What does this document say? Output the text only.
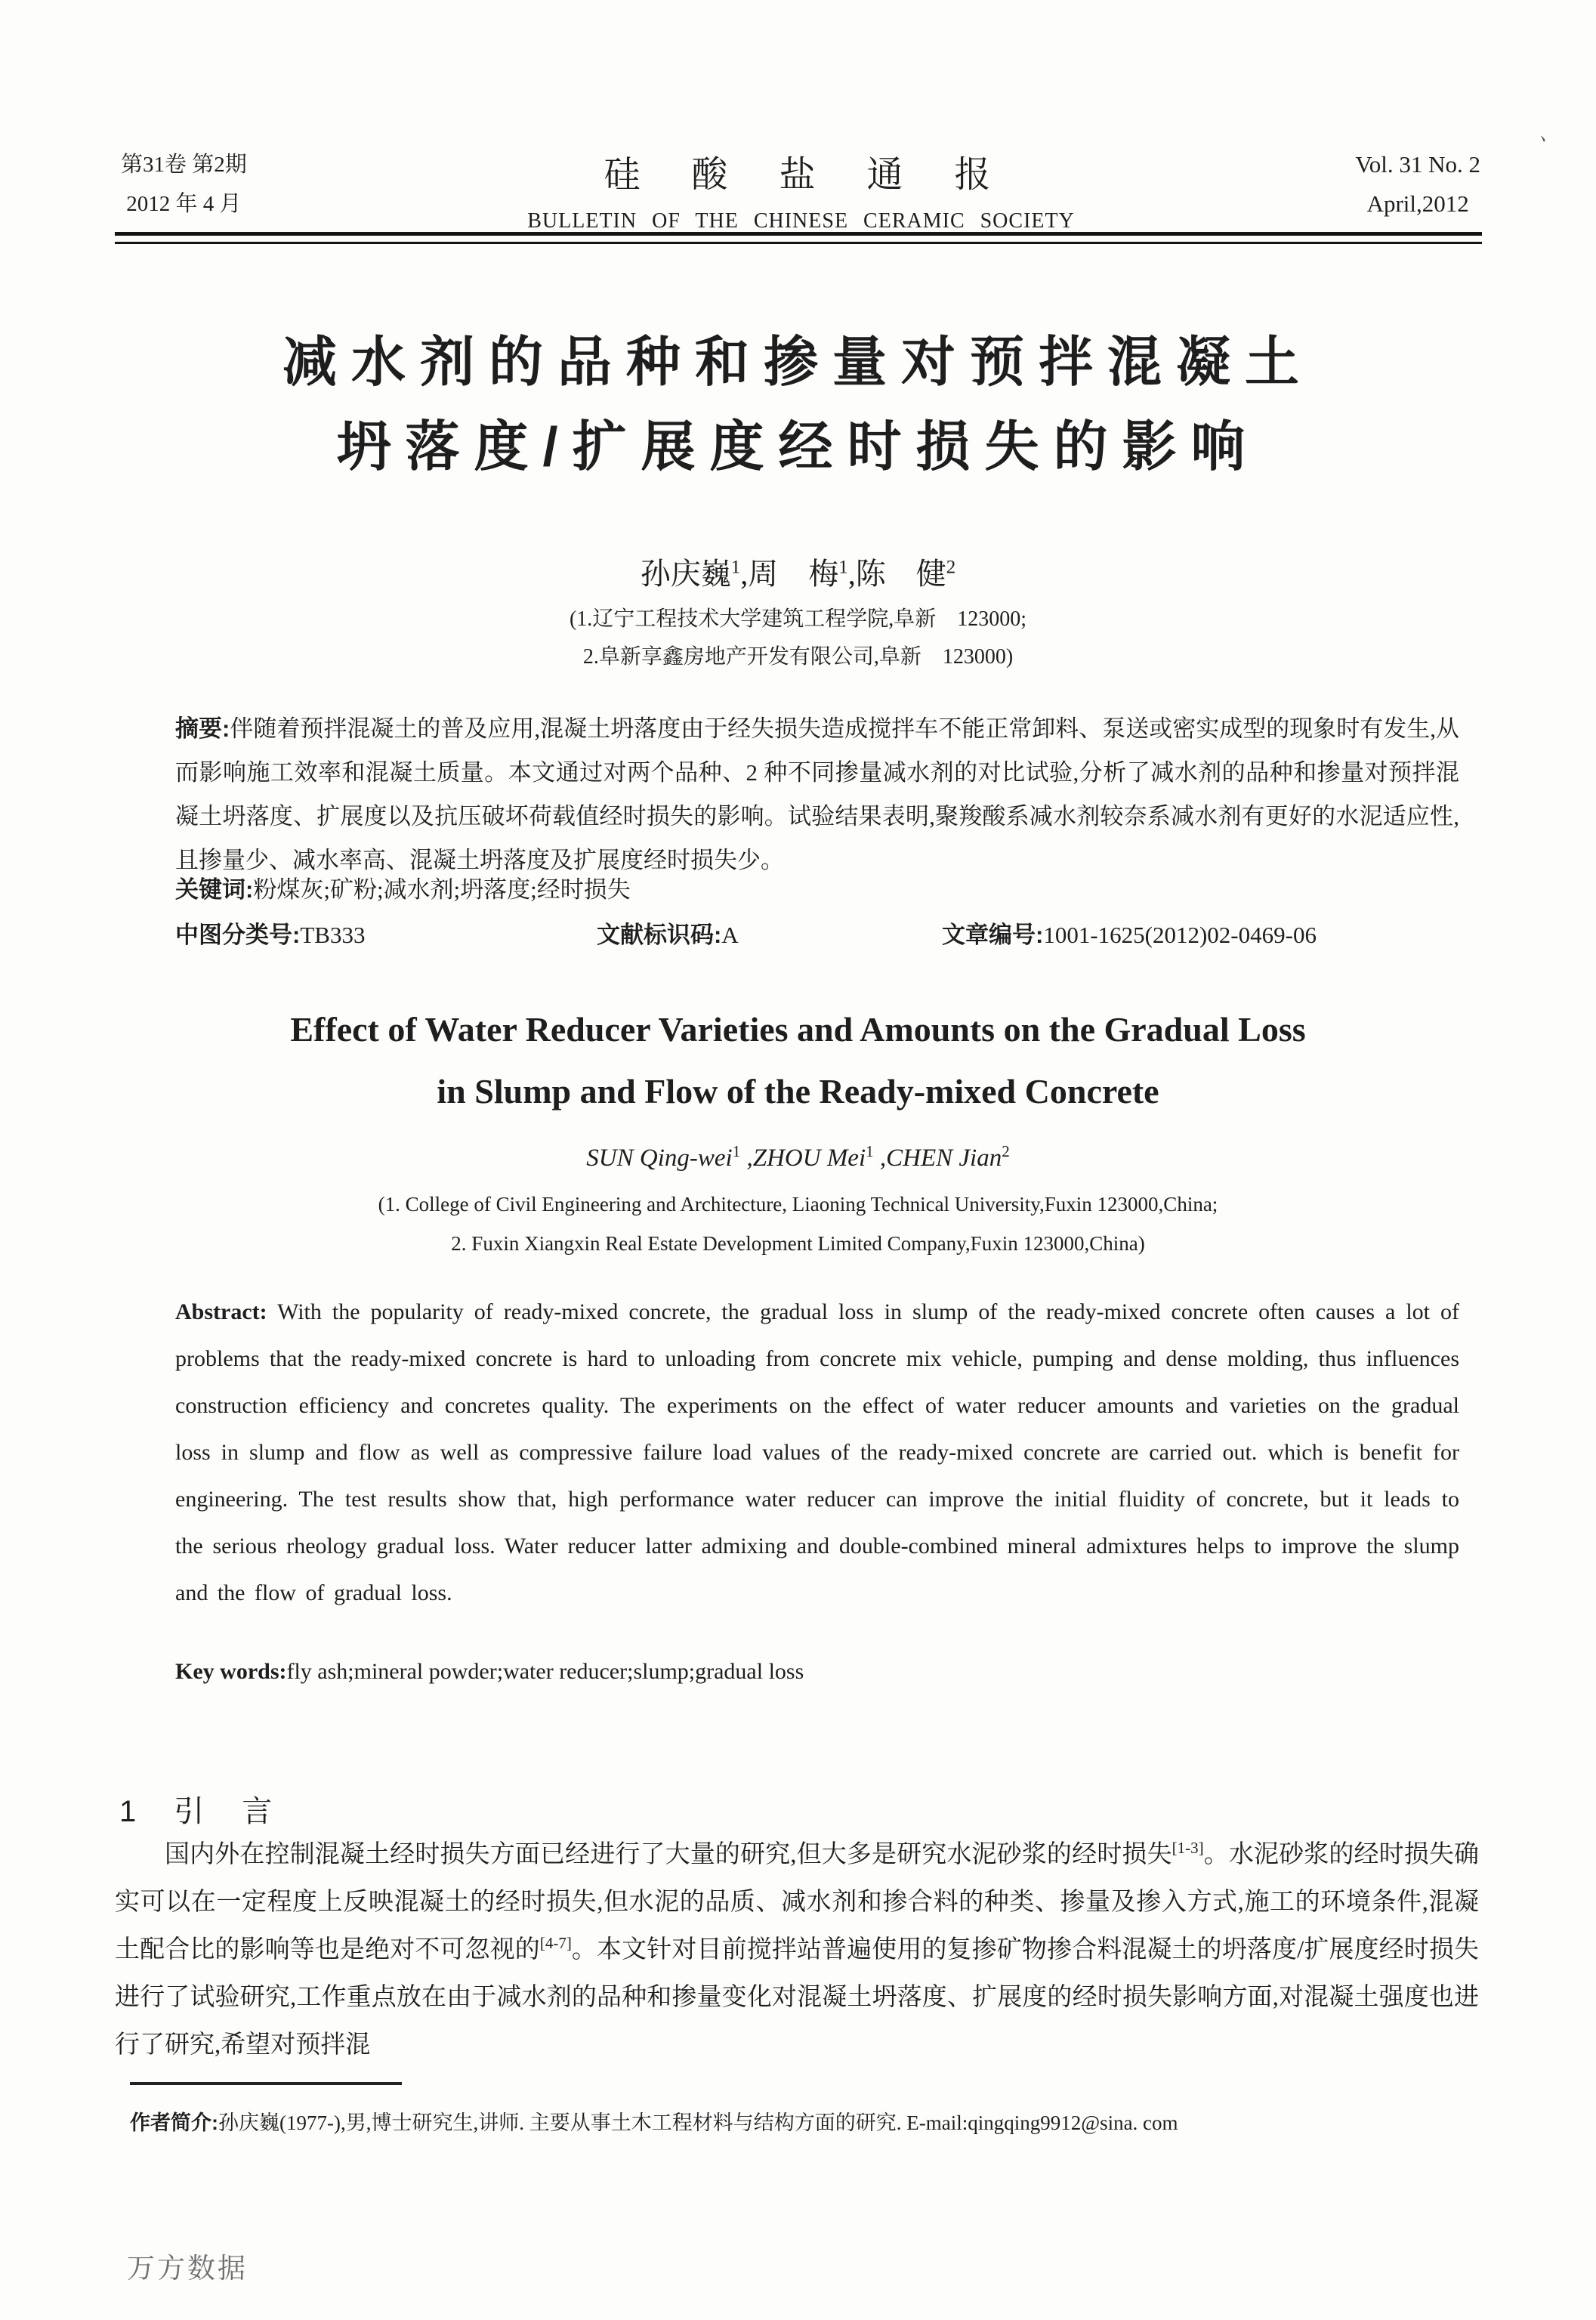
第31卷 第2期
2012 年 4 月
硅　酸　盐　通　报
BULLETIN OF THE CHINESE CERAMIC SOCIETY
Vol. 31 No. 2
April,2012
、
减水剂的品种和掺量对预拌混凝土
坍落度/扩展度经时损失的影响
孙庆巍$^1$,周　梅$^1$,陈　健$^2$
(1.辽宁工程技术大学建筑工程学院,阜新　123000;
2.阜新享鑫房地产开发有限公司,阜新　123000)
摘要:伴随着预拌混凝土的普及应用,混凝土坍落度由于经失损失造成搅拌车不能正常卸料、泵送或密实成型的现象时有发生,从而影响施工效率和混凝土质量。本文通过对两个品种、2 种不同掺量减水剂的对比试验,分析了减水剂的品种和掺量对预拌混凝土坍落度、扩展度以及抗压破坏荷载值经时损失的影响。试验结果表明,聚羧酸系减水剂较奈系减水剂有更好的水泥适应性,且掺量少、减水率高、混凝土坍落度及扩展度经时损失少。
关键词:粉煤灰;矿粉;减水剂;坍落度;经时损失
中图分类号:TB333	文献标识码:A	文章编号:1001-1625(2012)02-0469-06
Effect of Water Reducer Varieties and Amounts on the Gradual Loss
in Slump and Flow of the Ready-mixed Concrete
SUN Qing-wei$^1$ ,ZHOU Mei$^1$ ,CHEN Jian$^2$
(1. College of Civil Engineering and Architecture, Liaoning Technical University,Fuxin 123000,China;
2. Fuxin Xiangxin Real Estate Development Limited Company,Fuxin 123000,China)
Abstract: With the popularity of ready-mixed concrete, the gradual loss in slump of the ready-mixed concrete often causes a lot of problems that the ready-mixed concrete is hard to unloading from concrete mix vehicle, pumping and dense molding, thus influences construction efficiency and concretes quality. The experiments on the effect of water reducer amounts and varieties on the gradual loss in slump and flow as well as compressive failure load values of the ready-mixed concrete are carried out. which is benefit for engineering. The test results show that, high performance water reducer can improve the initial fluidity of concrete, but it leads to the serious rheology gradual loss. Water reducer latter admixing and double-combined mineral admixtures helps to improve the slump and the flow of gradual loss.
Key words:fly ash;mineral powder;water reducer;slump;gradual loss
1 引 言
国内外在控制混凝土经时损失方面已经进行了大量的研究,但大多是研究水泥砂浆的经时损失[1-3]。水泥砂浆的经时损失确实可以在一定程度上反映混凝土的经时损失,但水泥的品质、减水剂和掺合料的种类、掺量及掺入方式,施工的环境条件,混凝土配合比的影响等也是绝对不可忽视的[4-7]。本文针对目前搅拌站普遍使用的复掺矿物掺合料混凝土的坍落度/扩展度经时损失进行了试验研究,工作重点放在由于减水剂的品种和掺量变化对混凝土坍落度、扩展度的经时损失影响方面,对混凝土强度也进行了研究,希望对预拌混
作者简介:孙庆巍(1977-),男,博士研究生,讲师. 主要从事土木工程材料与结构方面的研究. E-mail:qingqing9912@sina. com
万方数据
